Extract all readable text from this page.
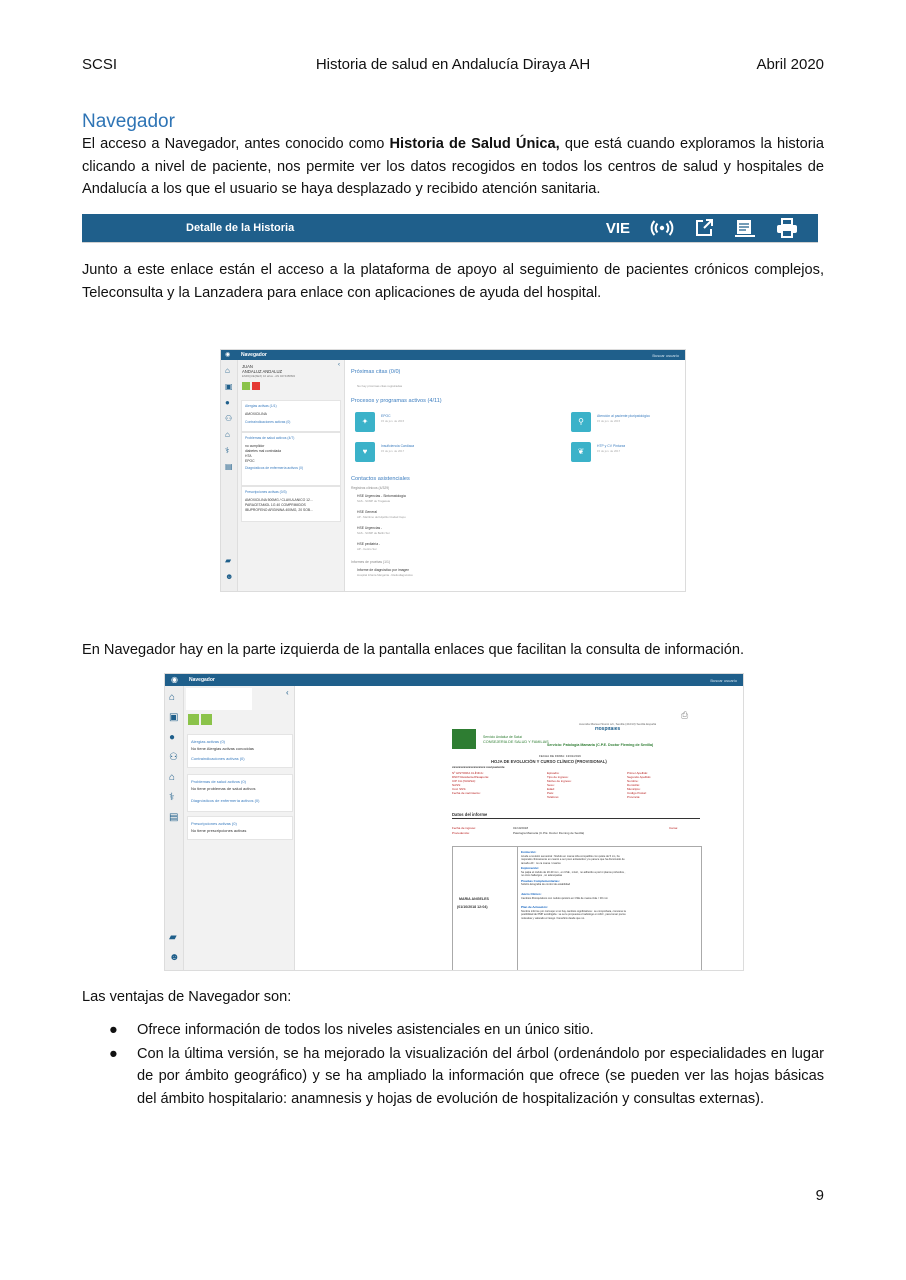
SCSI	Historia de salud en Andalucía Diraya AH	Abril 2020
Navegador
El acceso a Navegador, antes conocido como Historia de Salud Única, que está cuando exploramos la historia clicando a nivel de paciente, nos permite ver los datos recogidos en todos los centros de salud y hospitales de Andalucía a los que el usuario se haya desplazado y recibido atención sanitaria.
Detalle de la Historia	VIE
Junto a este enlace están el acceso a la plataforma de apoyo al seguimiento de pacientes crónicos complejos, Teleconsulta y la Lanzadera para enlace con aplicaciones de ayuda del hospital.
◉ Navegador	Buscar usuario
⌂
▣
●
⚇
⌂
⚕
▤
▰
☻
JUAN
ANDALUZ ANDALUZ
ENRIQUE(SEX) 16 años - AN 0274458601
‹
Alergias activas (1/1)
AMOXICILINA
Contraindicaciones activas (0)
Problemas de salud activos (4/7)
no cumplidor
diabetes mal controlada
HTA
EPOC
Diagnósticos de enfermería activos (0)
Prescripciones activas (0/3)
AMOXICILINA 500MG / CLAVULANICO 12...
PARACETAMOL 1G 40 COMPRIMIDOS
IBUPROFENO ARGININA 400MG, 20 SOB...
Próximas citas (0/0)
No hay próximas citas registradas
Procesos y programas activos (4/11)
✦
EPOC
15 de jun. de 2015	⚲
Atención al paciente pluripatológico
15 de jun. de 2015
♥
Insuficiencia Cardiaca
15 de jun. de 2017	❦
HTP y CV Pinturas
15 de jun. de 2017
Contactos asistenciales
Registros clínicos (4/329)
HSE Urgencias - Sintomatología
SAS - SCMP de Tragacete
HSE General
AP - Marítimo del Hipólito Ciudad Cepo
HSE Urgencias -
SAS - SCMP de Bellín Sur
HSE pediatría -
AP - Centro Sur
Informes de pruebas (1/1)
Informe de diagnóstico por imagen
Hospital Infanta Margarita - Radiodiagnóstico
En Navegador hay en la parte izquierda de la pantalla enlaces que facilitan la consulta de información.
◉ Navegador	Buscar usuario
⌂
▣
●
⚇
⌂
⚕
▤
▰
☻
‹
Alergias activas (0)
No tiene Alergias activas conocidas
Contraindicaciones activas (0)
Problemas de salud activos (0)
No tiene problemas de salud activos
Diagnósticos de enfermería activos (0)
Prescripciones activas (0)
No tiene prescripciones activas
⎙
Avenida Manuel Siurot s/n, Sevilla (41013) Sevilla España
Hospitales
Servicio Andaluz de Salud
CONSEJERÍA DE SALUD Y FAMILIAS
Servicio: Patología Mamaria (C.P.E. Doctor Fleming de Sevilla)
FECHA DE FIRMA: 13/01/2019
HOJA DE EVOLUCIÓN Y CURSO CLÍNICO (PROVISIONAL)
xxxxxxxxxxxxxxxxxxxx real paciente
Nº HISTORIA CLÍNICA:
DNI/T.Residente/Pasaporte:
CIP CA (NUHSA):
NASS:
Cód. SNS:
Fecha de nacimiento:
Episodio:
Tipo de ingreso:
Motivo de ingreso:
Sexo:
Edad:
País:
Teléfono:
Primer Apellido:
Segundo Apellido:
Nombre:
Domicilio:
Municipio:
Código Postal:
Provincia:
Datos del informe
Fecha de ingreso:	01/10/2018	Cama:
Procedencia:	Patología Mamaria (C.P.E. Doctor Fleming de Sevilla)
MARIA ANGELES
(01/10/2018 12:04)
Evolución:
Acude a revisión semestral : Nódulo en mama izda compatible con quiste de 5 cm, ha
mejorado clínicamente en cuanto a ser poco antiestético y le parece que ha disminuido de
tamaño.AF : no ca mama / ovarios
Exploración:
Se palpa el nódulo de 20-30 mm , en CSE , móvil , no adherido a piel ni planos profundos ,
no otros hallazgos , no adenopatías
Pruebas Complementarias:
Solicito Ecografía de control de estabilidad
Juicio Clínico:
Cambios fibroquísticos con nodulo quístico en CSE de mama izda < 30 mm
Plan de Actuación:
Nombre informe por correspo si no hay cambios significativos : se comprobara, conviene la
posibilidad de PMP ecodirigida : se se le propuesta el radiologo en Abril , para tomar pocos
molestias y valorado el riesgo / beneficio desde que no.
Las ventajas de Navegador son:
● Ofrece información de todos los niveles asistenciales en un único sitio.
● Con la última versión, se ha mejorado la visualización del árbol (ordenándolo por especialidades en lugar de por ámbito geográfico) y se ha ampliado la información que ofrece (se pueden ver las hojas básicas del ámbito hospitalario: anamnesis y hojas de evolución de hospitalización y consultas externas).
9
